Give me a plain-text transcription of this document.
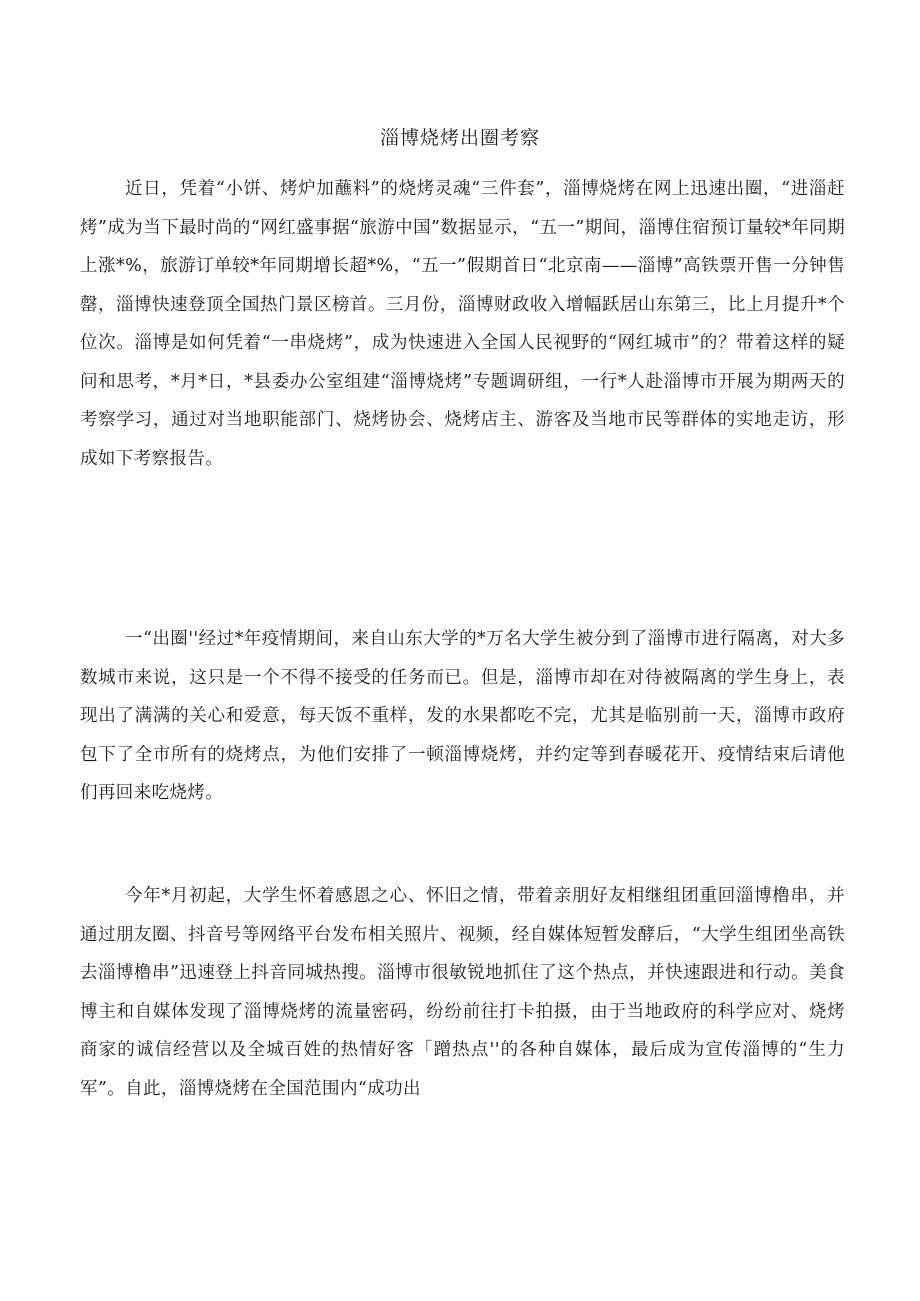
淄博烧烤出圈考察

近日，凭着“小饼、烤炉加蘸料”的烧烤灵魂“三件套”，淄博烧烤在网上迅速出圈，“进淄赶烤”成为当下最时尚的“网红盛事据“旅游中国”数据显示，“五一”期间，淄博住宿预订量较*年同期上涨*%，旅游订单较*年同期增长超*%，“五一”假期首日“北京南——淄博”高铁票开售一分钟售罄，淄博快速登顶全国热门景区榜首。三月份，淄博财政收入增幅跃居山东第三，比上月提升*个位次。淄博是如何凭着“一串烧烤”，成为快速进入全国人民视野的“网红城市”的？带着这样的疑问和思考，*月*日，*县委办公室组建“淄博烧烤”专题调研组，一行*人赴淄博市开展为期两天的考察学习，通过对当地职能部门、烧烤协会、烧烤店主、游客及当地市民等群体的实地走访，形成如下考察报告。

一“出圈''经过*年疫情期间，来自山东大学的*万名大学生被分到了淄博市进行隔离，对大多数城市来说，这只是一个不得不接受的任务而已。但是，淄博市却在对待被隔离的学生身上，表现出了满满的关心和爱意，每天饭不重样，发的水果都吃不完，尤其是临别前一天，淄博市政府包下了全市所有的烧烤点，为他们安排了一顿淄博烧烤，并约定等到春暖花开、疫情结束后请他们再回来吃烧烤。

今年*月初起，大学生怀着感恩之心、怀旧之情，带着亲朋好友相继组团重回淄博橹串，并通过朋友圈、抖音号等网络平台发布相关照片、视频，经自媒体短暂发酵后，“大学生组团坐高铁去淄博橹串”迅速登上抖音同城热搜。淄博市很敏锐地抓住了这个热点，并快速跟进和行动。美食博主和自媒体发现了淄博烧烤的流量密码，纷纷前往打卡拍摄，由于当地政府的科学应对、烧烤商家的诚信经营以及全城百姓的热情好客「蹭热点''的各种自媒体，最后成为宣传淄博的“生力军”。自此，淄博烧烤在全国范围内“成功出
